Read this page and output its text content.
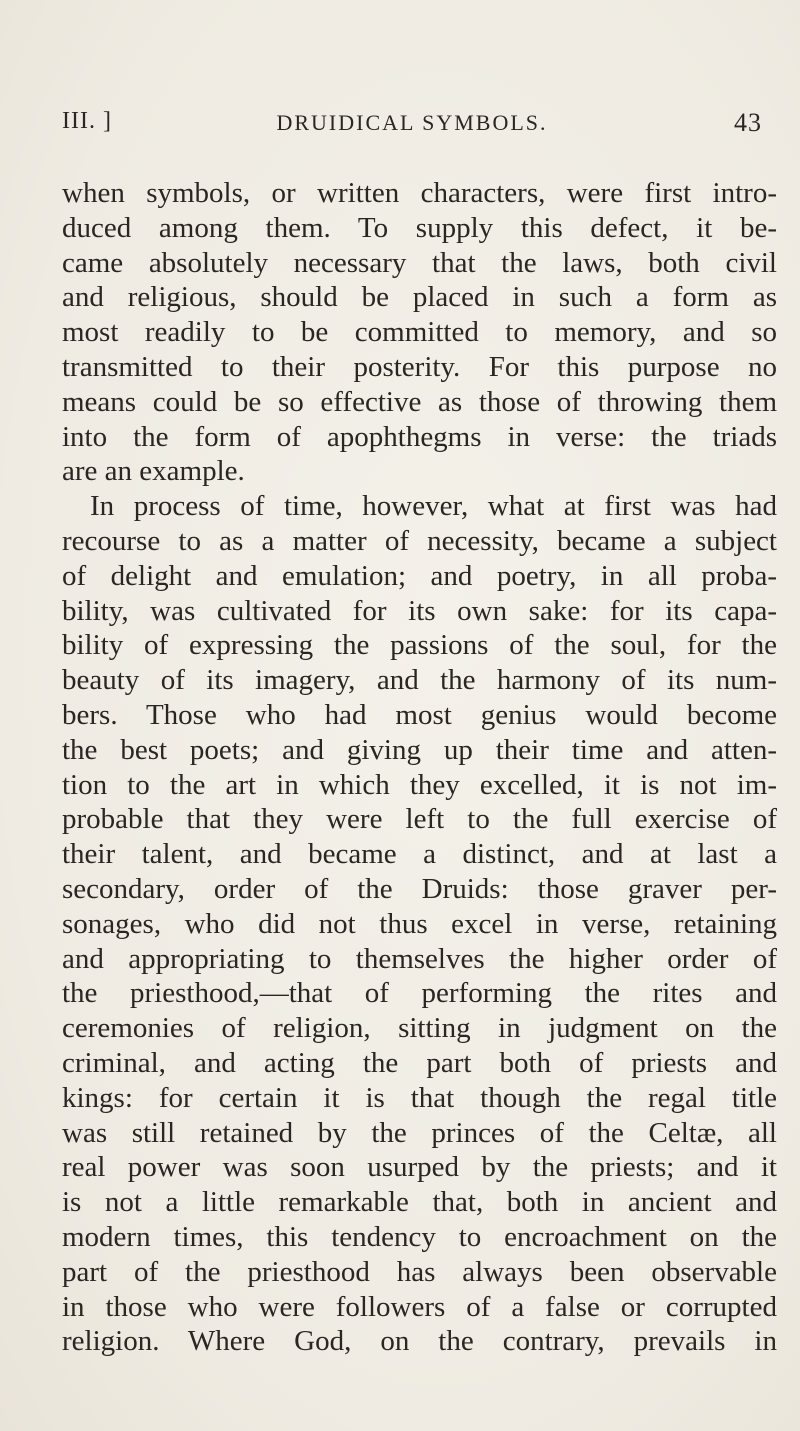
III. ]	DRUIDICAL SYMBOLS.	43
when symbols, or written characters, were first intro-
duced among them. To supply this defect, it be-
came absolutely necessary that the laws, both civil
and religious, should be placed in such a form as
most readily to be committed to memory, and so
transmitted to their posterity. For this purpose no
means could be so effective as those of throwing them
into the form of apophthegms in verse: the triads
are an example.
In process of time, however, what at first was had
recourse to as a matter of necessity, became a subject
of delight and emulation; and poetry, in all proba-
bility, was cultivated for its own sake: for its capa-
bility of expressing the passions of the soul, for the
beauty of its imagery, and the harmony of its num-
bers. Those who had most genius would become
the best poets; and giving up their time and atten-
tion to the art in which they excelled, it is not im-
probable that they were left to the full exercise of
their talent, and became a distinct, and at last a
secondary, order of the Druids: those graver per-
sonages, who did not thus excel in verse, retaining
and appropriating to themselves the higher order of
the priesthood,—that of performing the rites and
ceremonies of religion, sitting in judgment on the
criminal, and acting the part both of priests and
kings: for certain it is that though the regal title
was still retained by the princes of the Celtæ, all
real power was soon usurped by the priests; and it
is not a little remarkable that, both in ancient and
modern times, this tendency to encroachment on the
part of the priesthood has always been observable
in those who were followers of a false or corrupted
religion. Where God, on the contrary, prevails in
